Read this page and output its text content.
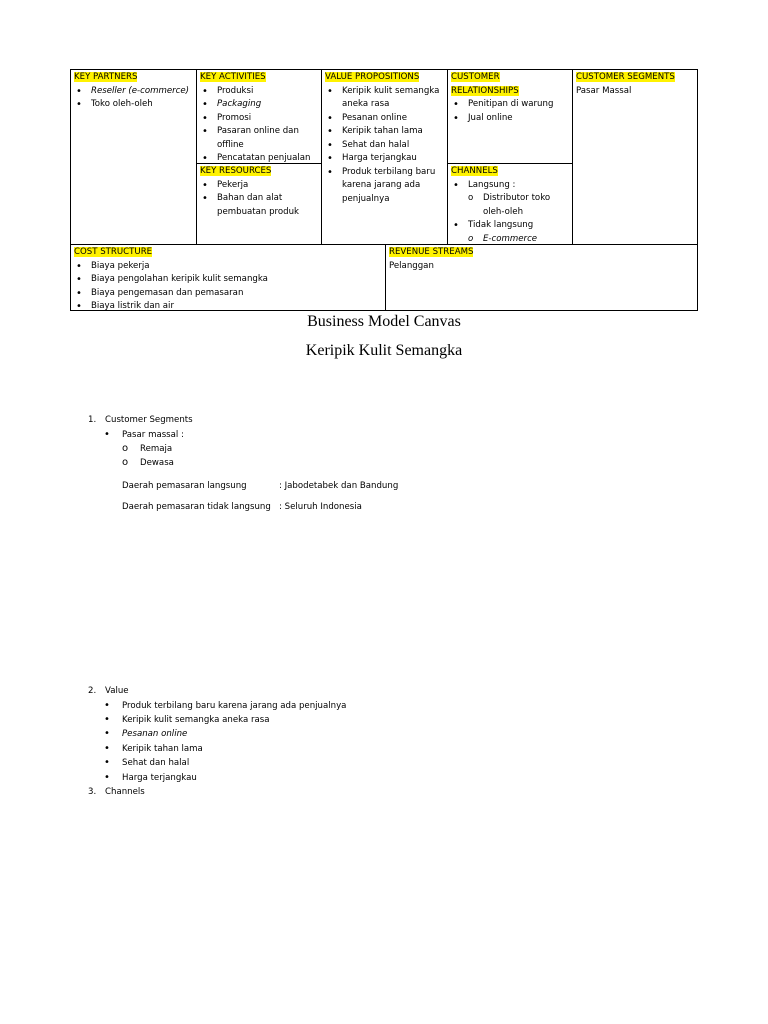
KEY PARTNERS
• Reseller (e-commerce)
• Toko oleh-oleh
KEY ACTIVITIES
• Produksi
• Packaging
• Promosi
• Pasaran online dan offline
• Pencatatan penjualan
KEY RESOURCES
• Pekerja
• Bahan dan alat pembuatan produk
VALUE PROPOSITIONS
• Keripik kulit semangka aneka rasa
• Pesanan online
• Keripik tahan lama
• Sehat dan halal
• Harga terjangkau
• Produk terbilang baru karena jarang ada penjualnya
CUSTOMER RELATIONSHIPS
• Penitipan di warung
• Jual online
CHANNELS
• Langsung :
o Distributor toko oleh-oleh
• Tidak langsung
o E-commerce
CUSTOMER SEGMENTS
Pasar Massal
COST STRUCTURE
• Biaya pekerja
• Biaya pengolahan keripik kulit semangka
• Biaya pengemasan dan pemasaran
• Biaya listrik dan air
REVENUE STREAMS
Pelanggan
Business Model Canvas
Keripik Kulit Semangka
1. Customer Segments
• Pasar massal :
o Remaja
o Dewasa
Daerah pemasaran langsung	: Jabodetabek dan Bandung
Daerah pemasaran tidak langsung : Seluruh Indonesia
2. Value
• Produk terbilang baru karena jarang ada penjualnya
• Keripik kulit semangka aneka rasa
• Pesanan online
• Keripik tahan lama
• Sehat dan halal
• Harga terjangkau
3. Channels
